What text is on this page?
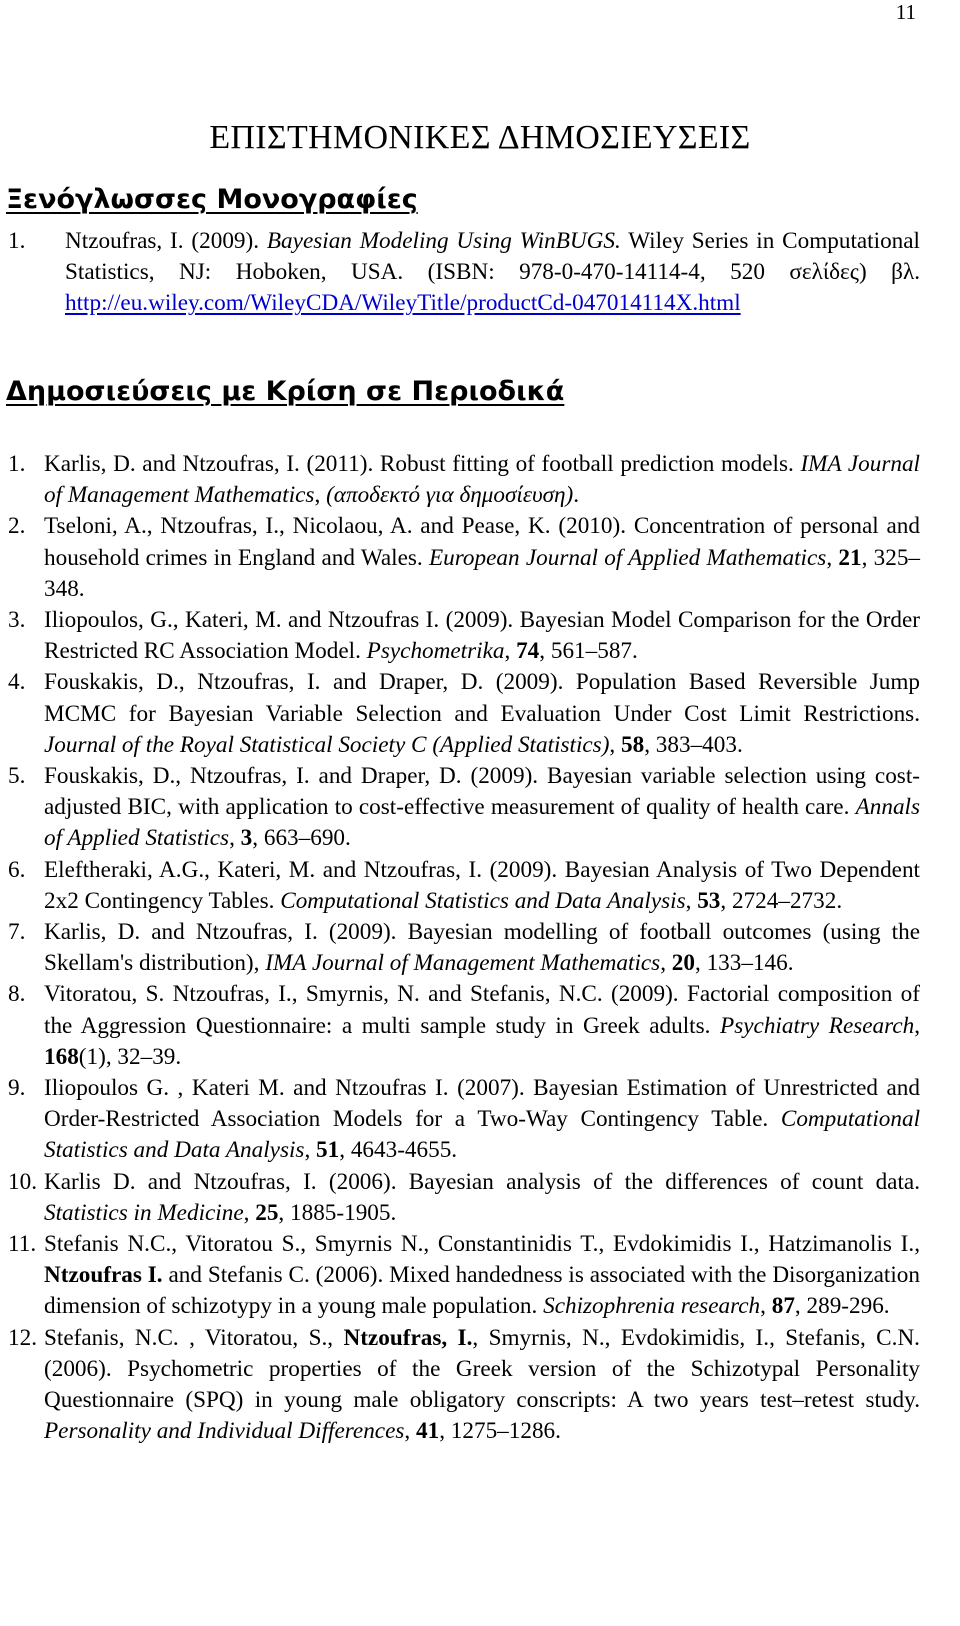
11
ΕΠΙΣΤΗΜΟΝΙΚΕΣ ΔΗΜΟΣΙΕΥΣΕΙΣ
Ξενόγλωσσες Μονογραφίες
1. Ntzoufras, I. (2009). Bayesian Modeling Using WinBUGS. Wiley Series in Computational Statistics, NJ: Hoboken, USA. (ISBN: 978-0-470-14114-4, 520 σελίδες) βλ. http://eu.wiley.com/WileyCDA/WileyTitle/productCd-047014114X.html
Δημοσιεύσεις με Κρίση σε Περιοδικά
1. Karlis, D. and Ntzoufras, I. (2011). Robust fitting of football prediction models. IMA Journal of Management Mathematics, (αποδεκτό για δημοσίευση).
2. Tseloni, A., Ntzoufras, I., Nicolaou, A. and Pease, K. (2010). Concentration of personal and household crimes in England and Wales. European Journal of Applied Mathematics, 21, 325–348.
3. Iliopoulos, G., Kateri, M. and Ntzoufras I. (2009). Bayesian Model Comparison for the Order Restricted RC Association Model. Psychometrika, 74, 561–587.
4. Fouskakis, D., Ntzoufras, I. and Draper, D. (2009). Population Based Reversible Jump MCMC for Bayesian Variable Selection and Evaluation Under Cost Limit Restrictions. Journal of the Royal Statistical Society C (Applied Statistics), 58, 383–403.
5. Fouskakis, D., Ntzoufras, I. and Draper, D. (2009). Bayesian variable selection using cost-adjusted BIC, with application to cost-effective measurement of quality of health care. Annals of Applied Statistics, 3, 663–690.
6. Eleftheraki, A.G., Kateri, M. and Ntzoufras, I. (2009). Bayesian Analysis of Two Dependent 2x2 Contingency Tables. Computational Statistics and Data Analysis, 53, 2724–2732.
7. Karlis, D. and Ntzoufras, I. (2009). Bayesian modelling of football outcomes (using the Skellam's distribution), IMA Journal of Management Mathematics, 20, 133–146.
8. Vitoratou, S. Ntzoufras, I., Smyrnis, N. and Stefanis, N.C. (2009). Factorial composition of the Aggression Questionnaire: a multi sample study in Greek adults. Psychiatry Research, 168(1), 32–39.
9. Iliopoulos G. , Kateri M. and Ntzoufras I. (2007). Bayesian Estimation of Unrestricted and Order-Restricted Association Models for a Two-Way Contingency Table. Computational Statistics and Data Analysis, 51, 4643-4655.
10. Karlis D. and Ntzoufras, I. (2006). Bayesian analysis of the differences of count data. Statistics in Medicine, 25, 1885-1905.
11. Stefanis N.C., Vitoratou S., Smyrnis N., Constantinidis T., Evdokimidis I., Hatzimanolis I., Ntzoufras I. and Stefanis C. (2006). Mixed handedness is associated with the Disorganization dimension of schizotypy in a young male population. Schizophrenia research, 87, 289-296.
12. Stefanis, N.C. , Vitoratou, S., Ntzoufras, I., Smyrnis, N., Evdokimidis, I., Stefanis, C.N. (2006). Psychometric properties of the Greek version of the Schizotypal Personality Questionnaire (SPQ) in young male obligatory conscripts: A two years test–retest study. Personality and Individual Differences, 41, 1275–1286.
